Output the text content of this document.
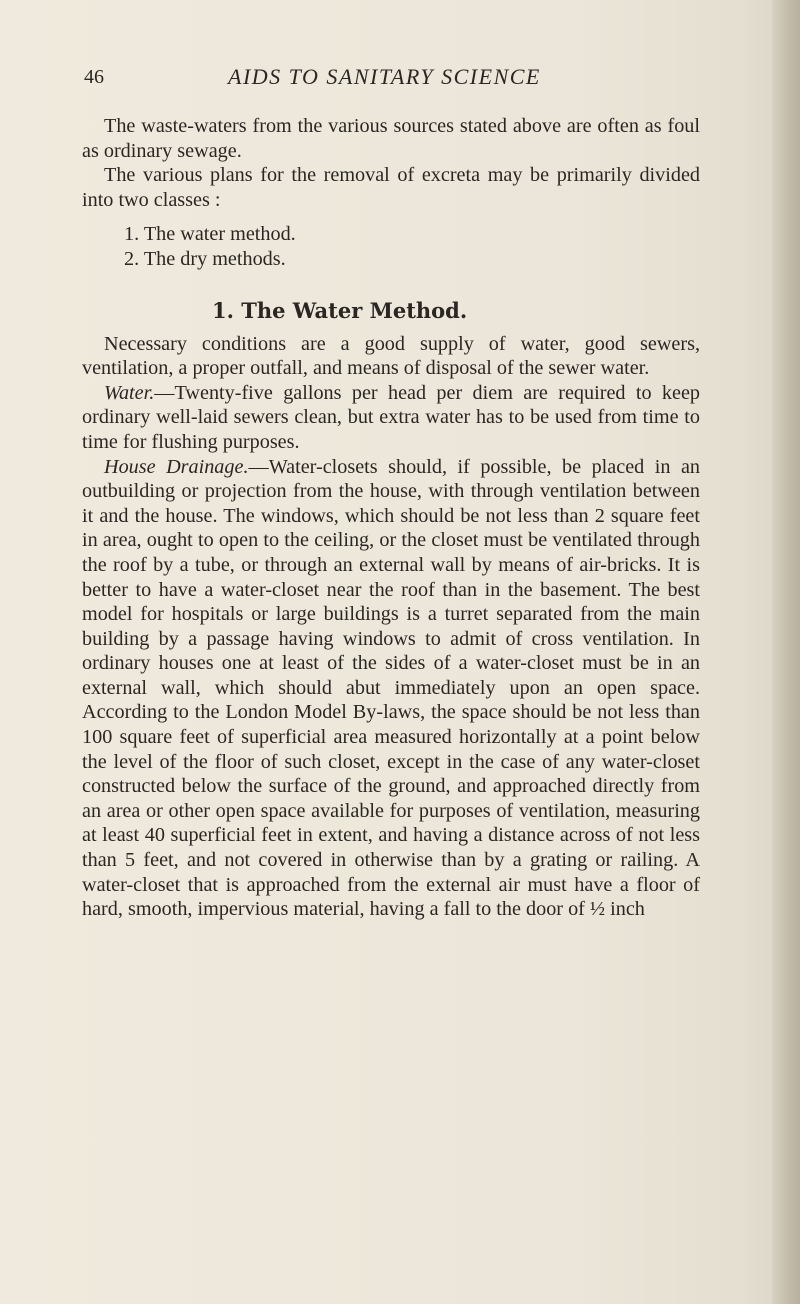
46	AIDS TO SANITARY SCIENCE

The waste-waters from the various sources stated above are often as foul as ordinary sewage.

The various plans for the removal of excreta may be primarily divided into two classes :

1. The water method.
2. The dry methods.
1. The Water Method.

Necessary conditions are a good supply of water, good sewers, ventilation, a proper outfall, and means of disposal of the sewer water.

Water.—Twenty-five gallons per head per diem are required to keep ordinary well-laid sewers clean, but extra water has to be used from time to time for flushing purposes.

House Drainage.—Water-closets should, if possible, be placed in an outbuilding or projection from the house, with through ventilation between it and the house. The windows, which should be not less than 2 square feet in area, ought to open to the ceiling, or the closet must be ventilated through the roof by a tube, or through an external wall by means of air-bricks. It is better to have a water-closet near the roof than in the basement. The best model for hospitals or large buildings is a turret separated from the main building by a passage having windows to admit of cross ventilation. In ordinary houses one at least of the sides of a water-closet must be in an external wall, which should abut immediately upon an open space. According to the London Model By-laws, the space should be not less than 100 square feet of superficial area measured horizontally at a point below the level of the floor of such closet, except in the case of any water-closet constructed below the surface of the ground, and approached directly from an area or other open space available for purposes of ventilation, measuring at least 40 superficial feet in extent, and having a distance across of not less than 5 feet, and not covered in otherwise than by a grating or railing. A water-closet that is approached from the external air must have a floor of hard, smooth, impervious material, having a fall to the door of ½ inch
